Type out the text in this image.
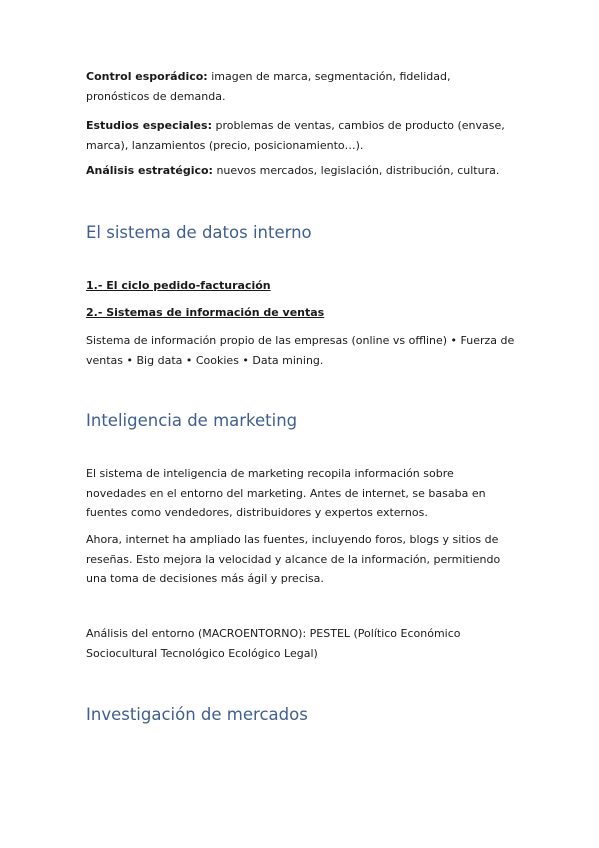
Control esporádico: imagen de marca, segmentación, fidelidad, pronósticos de demanda.

Estudios especiales: problemas de ventas, cambios de producto (envase, marca), lanzamientos (precio, posicionamiento…).

Análisis estratégico: nuevos mercados, legislación, distribución, cultura.

El sistema de datos interno

1.- El ciclo pedido-facturación

2.- Sistemas de información de ventas

Sistema de información propio de las empresas (online vs offline) • Fuerza de ventas • Big data • Cookies • Data mining.

Inteligencia de marketing

El sistema de inteligencia de marketing recopila información sobre novedades en el entorno del marketing. Antes de internet, se basaba en fuentes como vendedores, distribuidores y expertos externos.

Ahora, internet ha ampliado las fuentes, incluyendo foros, blogs y sitios de reseñas. Esto mejora la velocidad y alcance de la información, permitiendo una toma de decisiones más ágil y precisa.

Análisis del entorno (MACROENTORNO): PESTEL (Político Económico Sociocultural Tecnológico Ecológico Legal)

Investigación de mercados
